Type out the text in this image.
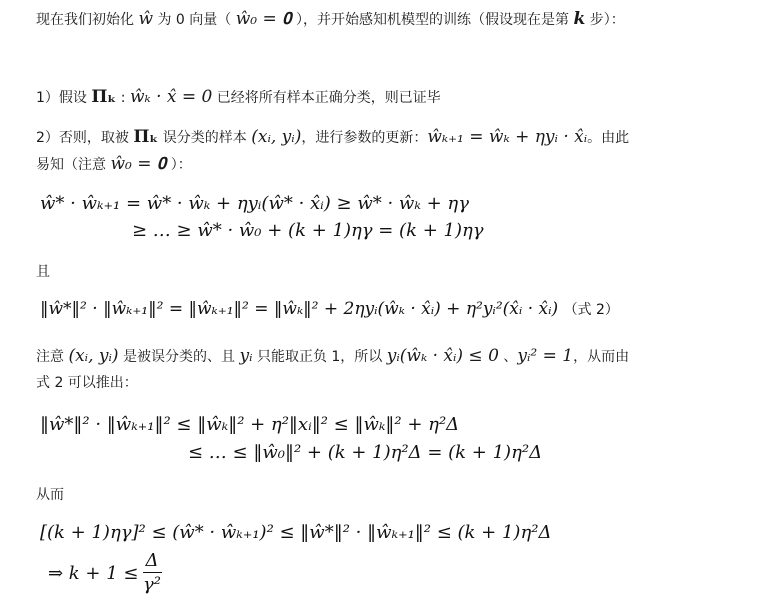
现在我们初始化 ŵ 为 0 向量（ ŵ₀ = 𝟎 ），并开始感知机模型的训练（假设现在是第 k 步）：
1）假设 Πₖ : ŵₖ · x̂ = 0 已经将所有样本正确分类，则已证毕
2）否则，取被 Πₖ 误分类的样本 (xᵢ, yᵢ)，进行参数的更新：ŵₖ₊₁ = ŵₖ + ηyᵢ · x̂ᵢ。由此
易知（注意 ŵ₀ = 𝟎 ）：
ŵ* · ŵₖ₊₁ = ŵ* · ŵₖ + ηyᵢ(ŵ* · x̂ᵢ) ≥ ŵ* · ŵₖ + ηγ
≥ … ≥ ŵ* · ŵ₀ + (k + 1)ηγ = (k + 1)ηγ
且
‖ŵ*‖² · ‖ŵₖ₊₁‖² = ‖ŵₖ₊₁‖² = ‖ŵₖ‖² + 2ηyᵢ(ŵₖ · x̂ᵢ) + η²yᵢ²(x̂ᵢ · x̂ᵢ) （式 2）
注意 (xᵢ, yᵢ) 是被误分类的、且 yᵢ 只能取正负 1，所以 yᵢ(ŵₖ · x̂ᵢ) ≤ 0 、yᵢ² = 1，从而由
式 2 可以推出：
‖ŵ*‖² · ‖ŵₖ₊₁‖² ≤ ‖ŵₖ‖² + η²‖xᵢ‖² ≤ ‖ŵₖ‖² + η²Δ
≤ … ≤ ‖ŵ₀‖² + (k + 1)η²Δ = (k + 1)η²Δ
从而
[(k + 1)ηγ]² ≤ (ŵ* · ŵₖ₊₁)² ≤ ‖ŵ*‖² · ‖ŵₖ₊₁‖² ≤ (k + 1)η²Δ
⇒ $k + 1 \le \frac{\Delta}{\text{γ²}}$
